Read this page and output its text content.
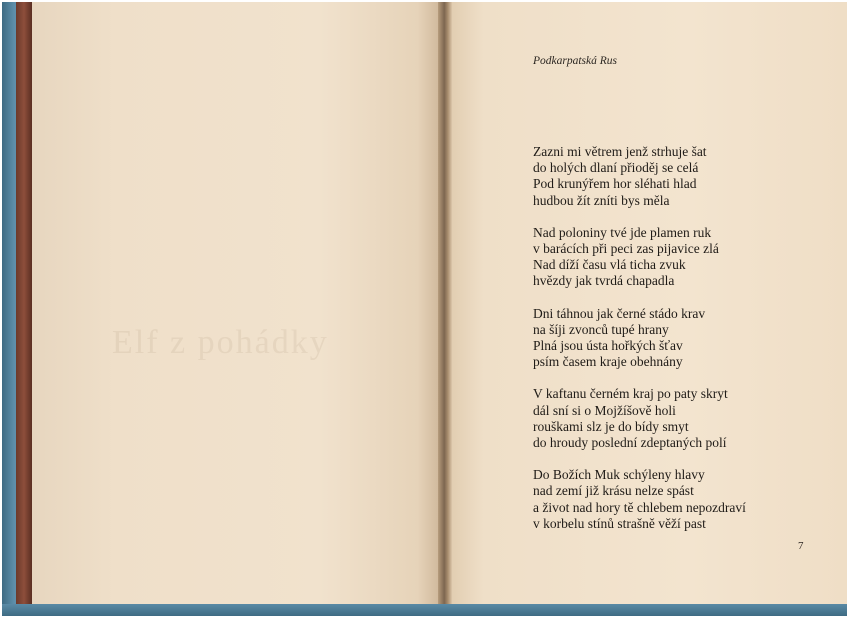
Elf z pohádky
Podkarpatská Rus
Zazni mi větrem jenž strhuje šat
do holých dlaní přioděj se celá
Pod krunýřem hor sléhati hlad
hudbou žít zníti bys měla
Nad poloniny tvé jde plamen ruk
v barácích při peci zas pijavice zlá
Nad díží času vlá ticha zvuk
hvězdy jak tvrdá chapadla
Dni táhnou jak černé stádo krav
na šíji zvonců tupé hrany
Plná jsou ústa hořkých šťav
psím časem kraje obehnány
V kaftanu černém kraj po paty skryt
dál sní si o Mojžíšově holi
rouškami slz je do bídy smyt
do hroudy poslední zdeptaných polí
Do Božích Muk schýleny hlavy
nad zemí již krásu nelze spást
a život nad hory tě chlebem nepozdraví
v korbelu stínů strašně věží past
7
